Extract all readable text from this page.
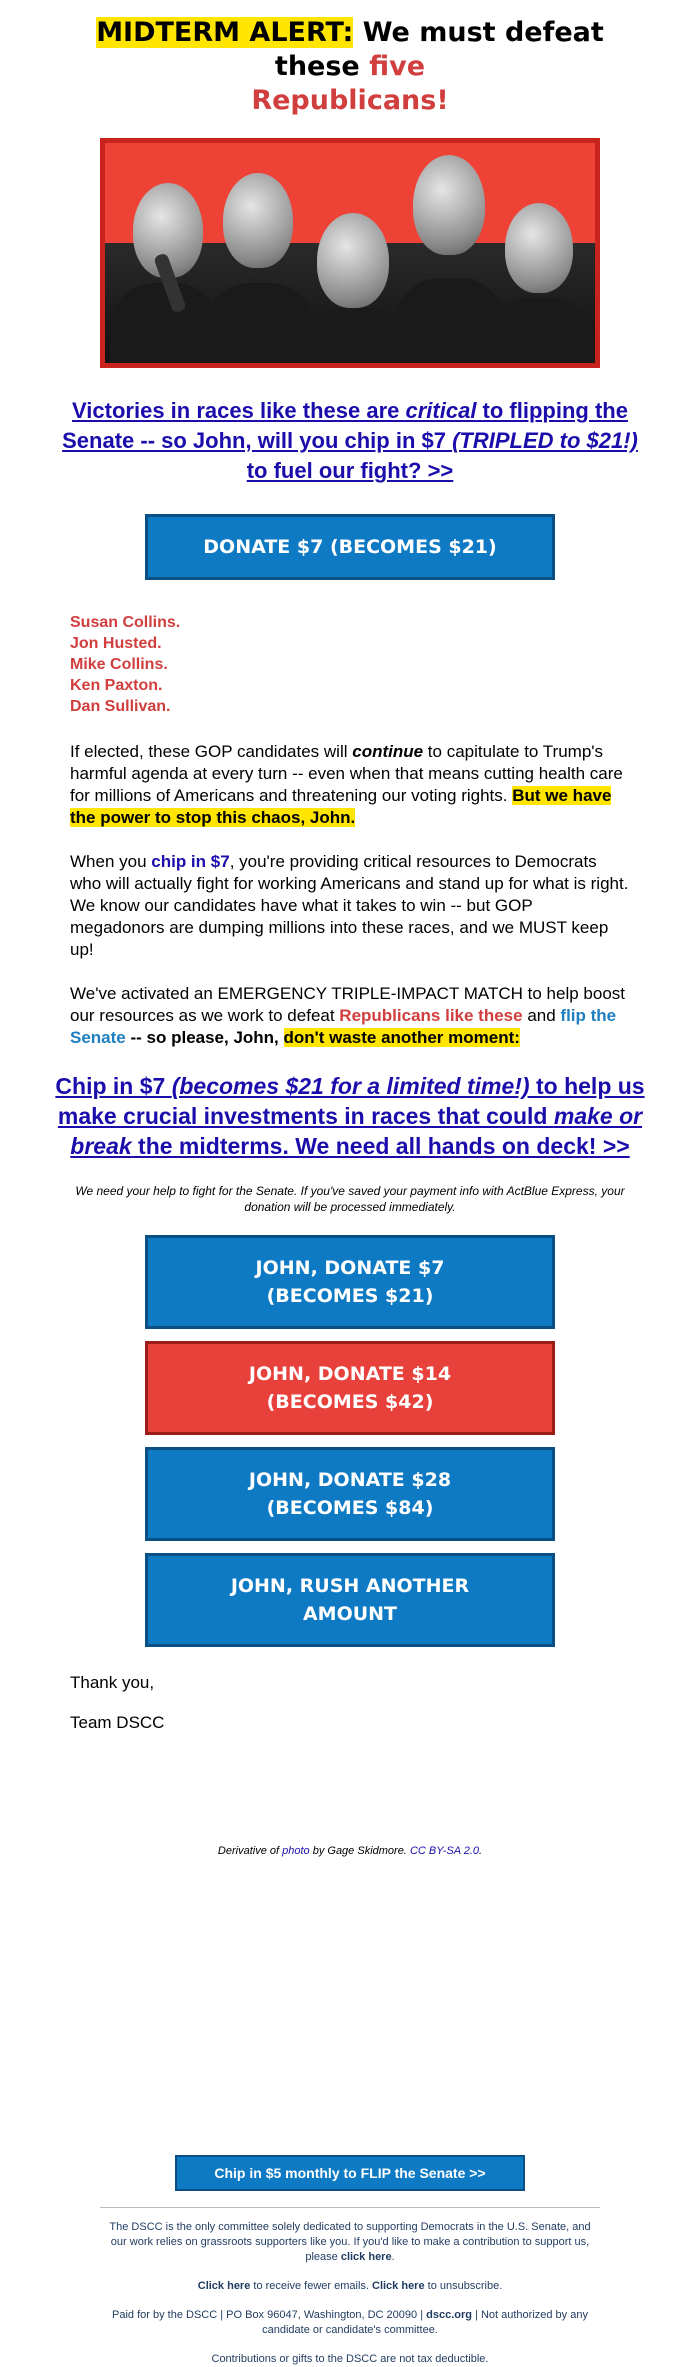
MIDTERM ALERT: We must defeat these five
Republicans!
Victories in races like these are critical to flipping the Senate -- so John, will you chip in $7 (TRIPLED to $21!) to fuel our fight? >>
DONATE $7 (BECOMES $21)
Susan Collins.
Jon Husted.
Mike Collins.
Ken Paxton.
Dan Sullivan.
If elected, these GOP candidates will continue to capitulate to Trump's harmful agenda at every turn -- even when that means cutting health care for millions of Americans and threatening our voting rights. But we have the power to stop this chaos, John.
When you chip in $7, you're providing critical resources to Democrats who will actually fight for working Americans and stand up for what is right. We know our candidates have what it takes to win -- but GOP megadonors are dumping millions into these races, and we MUST keep up!
We've activated an EMERGENCY TRIPLE-IMPACT MATCH to help boost our resources as we work to defeat Republicans like these and flip the Senate -- so please, John, don't waste another moment:
Chip in $7 (becomes $21 for a limited time!) to help us make crucial investments in races that could make or break the midterms. We need all hands on deck! >>
We need your help to fight for the Senate. If you've saved your payment info with ActBlue Express, your donation will be processed immediately.
JOHN, DONATE $7
(BECOMES $21)
JOHN, DONATE $14
(BECOMES $42)
JOHN, DONATE $28
(BECOMES $84)
JOHN, RUSH ANOTHER
AMOUNT
Thank you,
Team DSCC
Derivative of photo by Gage Skidmore. CC BY-SA 2.0.
Chip in $5 monthly to FLIP the Senate >>
The DSCC is the only committee solely dedicated to supporting Democrats in the U.S. Senate, and our work relies on grassroots supporters like you. If you'd like to make a contribution to support us, please click here.
Click here to receive fewer emails. Click here to unsubscribe.
Paid for by the DSCC | PO Box 96047, Washington, DC 20090 | dscc.org | Not authorized by any candidate or candidate's committee.
Contributions or gifts to the DSCC are not tax deductible.
